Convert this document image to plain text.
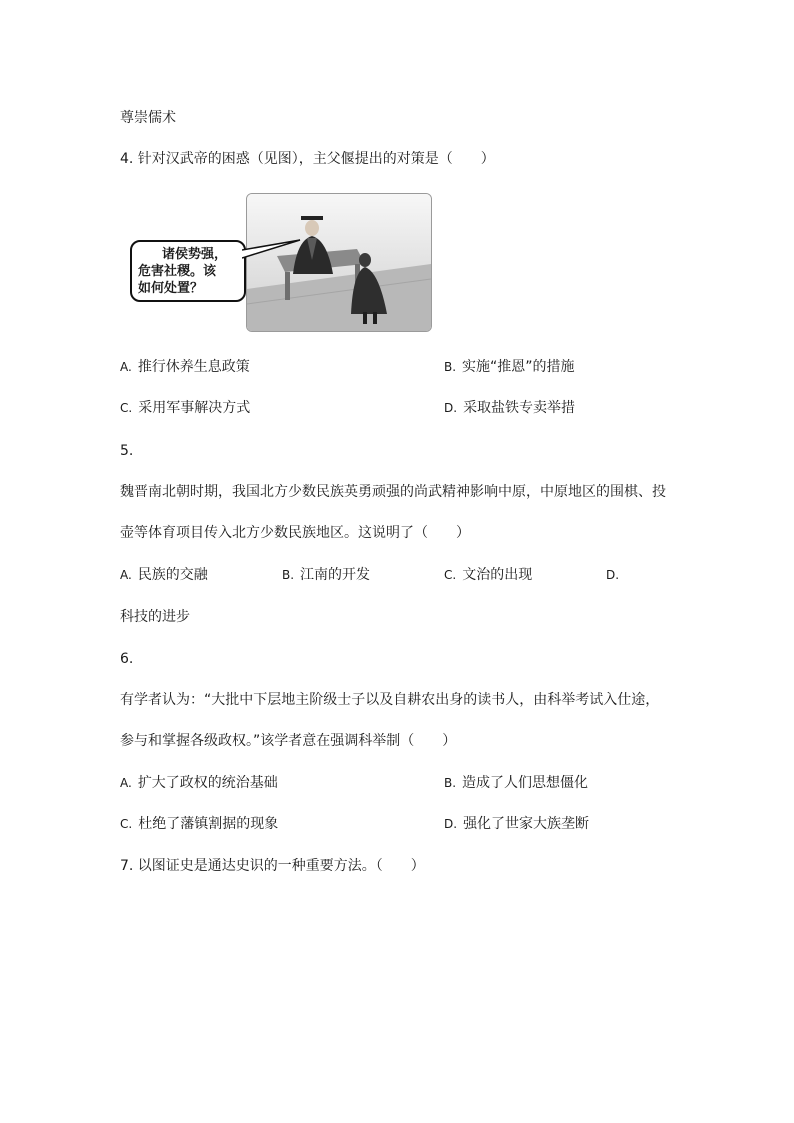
尊崇儒术
4. 针对汉武帝的困惑（见图），主父偃提出的对策是（　　）
诸侯势强，
危害社稷。该
如何处置？
A. 推行休养生息政策	B. 实施“推恩”的措施
C. 采用军事解决方式	D. 采取盐铁专卖举措
5.
魏晋南北朝时期，我国北方少数民族英勇顽强的尚武精神影响中原，中原地区的围棋、投
壶等体育项目传入北方少数民族地区。这说明了（　　）
A. 民族的交融	B. 江南的开发	C. 文治的出现	D.
科技的进步
6.
有学者认为：“大批中下层地主阶级士子以及自耕农出身的读书人，由科举考试入仕途，
参与和掌握各级政权。”该学者意在强调科举制（　　）
A. 扩大了政权的统治基础	B. 造成了人们思想僵化
C. 杜绝了藩镇割据的现象	D. 强化了世家大族垄断
7. 以图证史是通达史识的一种重要方法。（　　）
